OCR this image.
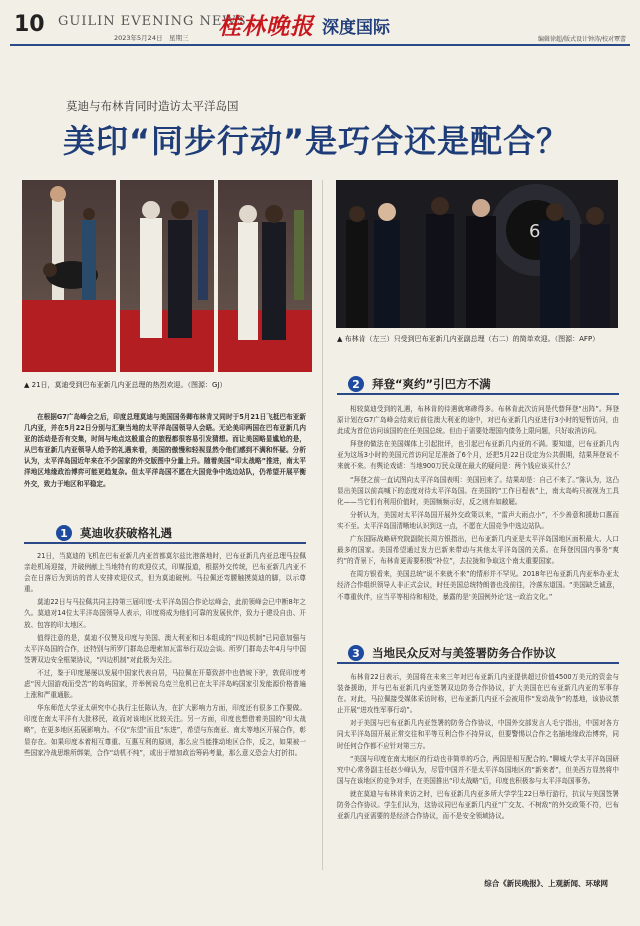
10 GUILIN EVENING NEWS
2023年5月24日　星期三 桂林晚报 深度国际
编辑徐超/版式设计钟涛/校对覃蕾
莫迪与布林肯同时造访太平洋岛国
美印“同步行动”是巧合还是配合？
▲ 21日，莫迪受到巴布亚新几内亚总理的热烈欢迎。（图源：GJ）
6
▲ 布林肯（左三）只受到巴布亚新几内亚副总理（右二）的简单欢迎。（图源：AFP）

在根据G7广岛峰会之后，印度总理莫迪与美国国务卿布林肯又同时于5月21日飞抵巴布亚新几内亚，并在5月22日分别与汇聚当地的太平洋岛国领导人会晤。无论美印两国在巴布亚新几内亚的活动是否有交集，时间与地点这般重合的旅程都很容易引发猜想。而让美国略显尴尬的是，从巴布亚新几内亚领导人给予的礼遇来看，美国的傲慢和轻视显然令他们感到不满和怀疑。分析认为，太平洋岛国近年来在不少国家的外交版图中分量上升。随着美国“印太战略”推进，南太平洋地区地缘政治博弈可能更趋复杂。但太平洋岛国不愿在大国竞争中选边站队，仍希望开展平衡外交，致力于地区和平稳定。

1	莫迪收获破格礼遇

21日，当莫迪的飞机在巴布亚新几内亚首都莫尔兹比港落地时，巴布亚新几内亚总理马拉佩亲赴机场迎接，并破例献上当地特有的欢迎仪式，印媒报道，根据外交传统，巴布亚新几内亚不会在日落后为到访的首人安排欢迎仪式，但为莫迪破例。马拉佩还弯腰触摸莫迪的脚，以示尊重。

莫迪22日与马拉佩共同主持第三届印度-太平洋岛国合作论坛峰会，此前领峰会已中断8年之久。莫迪对14位太平洋岛国领导人表示，印度将成为他们可靠的发展伙伴，致力于建设自由、开放、包容的印太地区。

值得注意的是，莫迪不仅赞及印度与美国、澳大利亚和日本组成的“四边机制”已同意加强与太平洋岛国的合作，还特别与所罗门群岛总理索加瓦雷举行双边会谈。所罗门群岛去年4月与中国签署双边安全框架协议，“四边机制”对此极为关注。

不过，鉴于印度屡屡以发展中国家代表自居，马拉佩在开幕致辞中也借坡下驴，敦促印度考虑“因大国游戏而受苦”的岛屿国家，并举例说乌克兰危机已在太平洋岛屿国家引发能源价格普遍上涨和严重通胀。

华东师范大学亚太研究中心执行主任陈认为，在扩大影响力方面，印度还有很多工作要做。印度在南太平洋有大批移民，故而对该地区比较关注。另一方面，印度也想借着美国的“印太战略”，在更多地区拓展影响力。不仅“东望”而且“东进”，希望与东南亚、南太等地区开展合作，彰显存在。如果印度本着相互尊重、互惠互利的原则，那么应当能推动地区合作，反之，如果被一些国家冷战思维所绑架，合作“动机不纯”，或出于增加政治筹码考量，那么意义恐会大打折扣。

2	拜登“爽约”引巴方不满

相较莫迪受到的礼遇，布林肯的待遇就寒碜得多。布林肯此次访问是代替拜登“出阵”。拜登原计划在G7广岛峰会结束后前往澳大利亚的途中，对巴布亚新几内亚进行3小时的短暂访问，由此成为首位访问该国的在任美国总统。但由于需要处理国内债务上限问题，只好取消访问。

拜登的做法在美国媒体上引起批评，也引起巴布亚新几内亚的不满。要知道，巴布亚新几内亚为这场3小时的美国元首访问足足准备了6个月，还把5月22日设定为公共假期，结果拜登说不来就不来。有舆论戏谑：当地900万民众现在最大的疑问是：两个钱应该买什么？

“拜登之前一直试图向太平洋岛国表明：美国回来了。结果却是：自己不来了。”陈认为，这凸显出美国以前高喊下的态度对待太平洋岛国。在美国的“工作日程表”上，南太岛屿只被视为工具化——当它们有利用价值时，美国频频示好，反之则弃如敝屣。

分析认为，美国对太平洋岛国开展外交政策以来，“雷声大雨点小”，不少善意和援助口惠而实不至。太平洋岛国清晰地认识到这一点，不愿在大国竞争中选边站队。

广东国际战略研究院副院长周方银指出，巴布亚新几内亚是太平洋岛国地区面积最大、人口最多的国家。美国希望通过发力巴新来带动与其他太平洋岛国的关系。在拜登因国内事务“爽约”的背景下，布林肯更需要积极“补位”，去拉拢和争取这个南太重要国家。

在周方银看来，美国总统“说不来就不来”的情形并不罕见。2018年巴布亚新几内亚举办亚太经济合作组织领导人非正式会议，时任美国总统特朗普也没前往，冷落东道国。“美国缺乏诚意，不尊重伙伴，应当平等相待和相处，暴露的是‘美国例外论’这一政治文化。”

3	当地民众反对与美签署防务合作协议

布林肯22日表示，美国将在未来三年对巴布亚新几内亚提供超过价值4500万美元的资金与装备援助，并与巴布亚新几内亚签署双边防务合作协议，扩大美国在巴布亚新几内亚的军事存在。对此，马拉佩接受媒体采访时称，巴布亚新几内亚不会被用作“发动战争”的基地，该协议禁止开展“进攻性军事行动”。

对于美国与巴布亚新几内亚签署的防务合作协议，中国外交部发言人毛宁指出，中国对各方同太平洋岛国开展正常交往和平等互利合作不持异议，但要警惕以合作之名插地缘政治博弈，同时任何合作都不应针对第三方。

“美国与印度在南太地区的行动也非简单的巧合，两国是相互配合的。”聊城大学太平洋岛国研究中心常务副主任赵少峰认为，尽管中国并不是太平洋岛国地区的“新来者”，但美西方显然将中国与在该地区的竞争对手，在美国推出“印太战略”后，印度也积极参与太平洋岛国事务。

就在莫迪与布林肯来访之时，巴布亚新几内亚多所大学学生22日举行游行，抗议与美国签署防务合作协议。学生们认为，这协议同巴布亚新几内亚“广交友、不树敌”的外交政策不符，巴布亚新几内亚需要的是经济合作协议，而不是安全领域协议。

综合《新民晚报》、上观新闻、环球网
